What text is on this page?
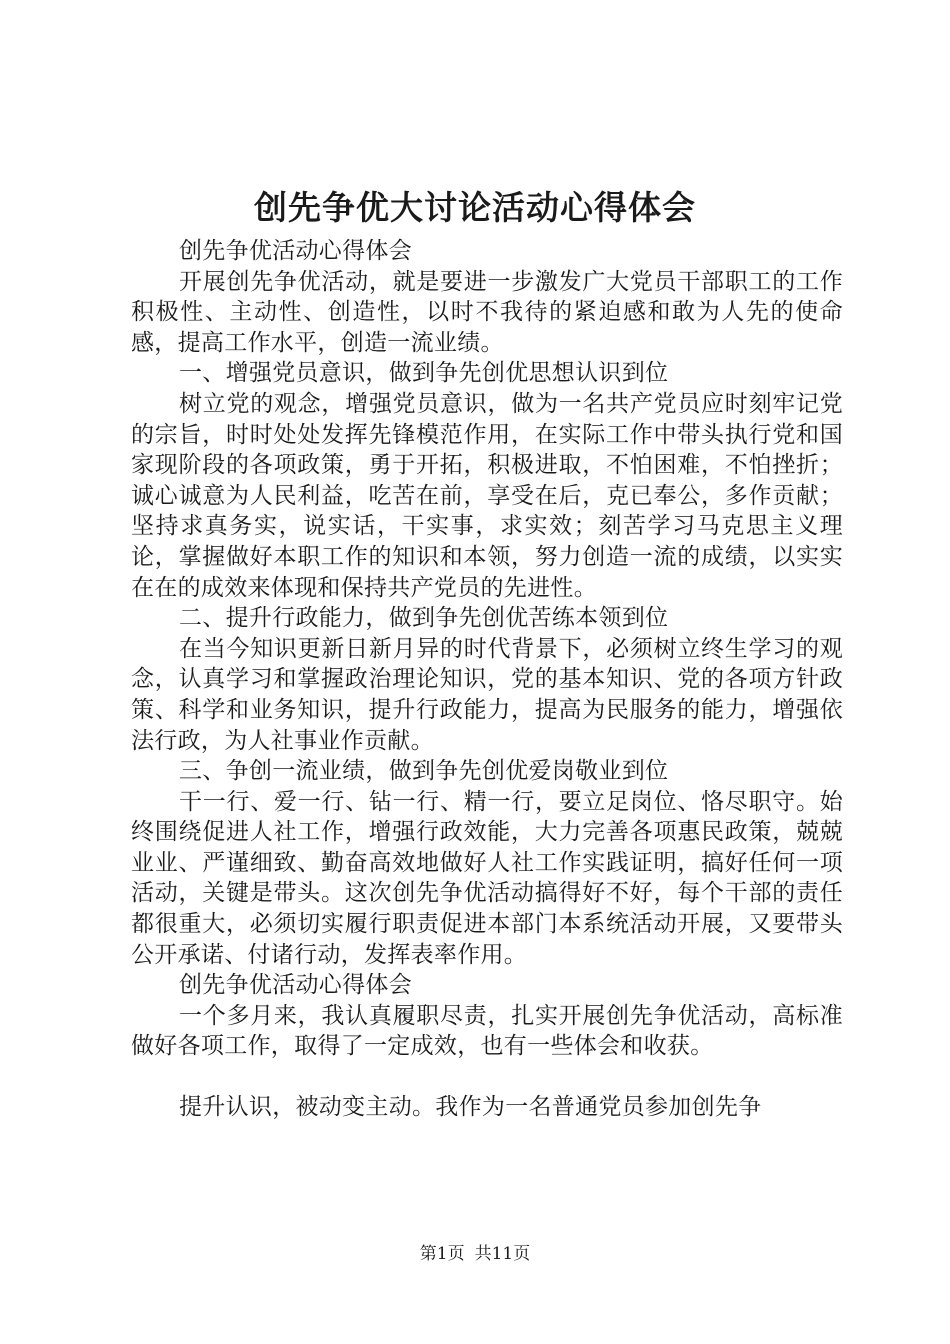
创先争优大讨论活动心得体会

创先争优活动心得体会

开展创先争优活动，就是要进一步激发广大党员干部职工的工作积极性、主动性、创造性，以时不我待的紧迫感和敢为人先的使命感，提高工作水平，创造一流业绩。

一、增强党员意识，做到争先创优思想认识到位

树立党的观念，增强党员意识，做为一名共产党员应时刻牢记党的宗旨，时时处处发挥先锋模范作用，在实际工作中带头执行党和国家现阶段的各项政策，勇于开拓，积极进取，不怕困难，不怕挫折；诚心诚意为人民利益，吃苦在前，享受在后，克已奉公，多作贡献；坚持求真务实，说实话，干实事，求实效；刻苦学习马克思主义理论，掌握做好本职工作的知识和本领，努力创造一流的成绩，以实实在在的成效来体现和保持共产党员的先进性。

二、提升行政能力，做到争先创优苦练本领到位

在当今知识更新日新月异的时代背景下，必须树立终生学习的观念，认真学习和掌握政治理论知识，党的基本知识、党的各项方针政策、科学和业务知识，提升行政能力，提高为民服务的能力，增强依法行政，为人社事业作贡献。

三、争创一流业绩，做到争先创优爱岗敬业到位

干一行、爱一行、钻一行、精一行，要立足岗位、恪尽职守。始终围绕促进人社工作，增强行政效能，大力完善各项惠民政策，兢兢业业、严谨细致、勤奋高效地做好人社工作实践证明，搞好任何一项活动，关键是带头。这次创先争优活动搞得好不好，每个干部的责任都很重大，必须切实履行职责促进本部门本系统活动开展，又要带头公开承诺、付诸行动，发挥表率作用。

创先争优活动心得体会

一个多月来，我认真履职尽责，扎实开展创先争优活动，高标准做好各项工作，取得了一定成效，也有一些体会和收获。

提升认识，被动变主动。我作为一名普通党员参加创先争

第1页 共11页
